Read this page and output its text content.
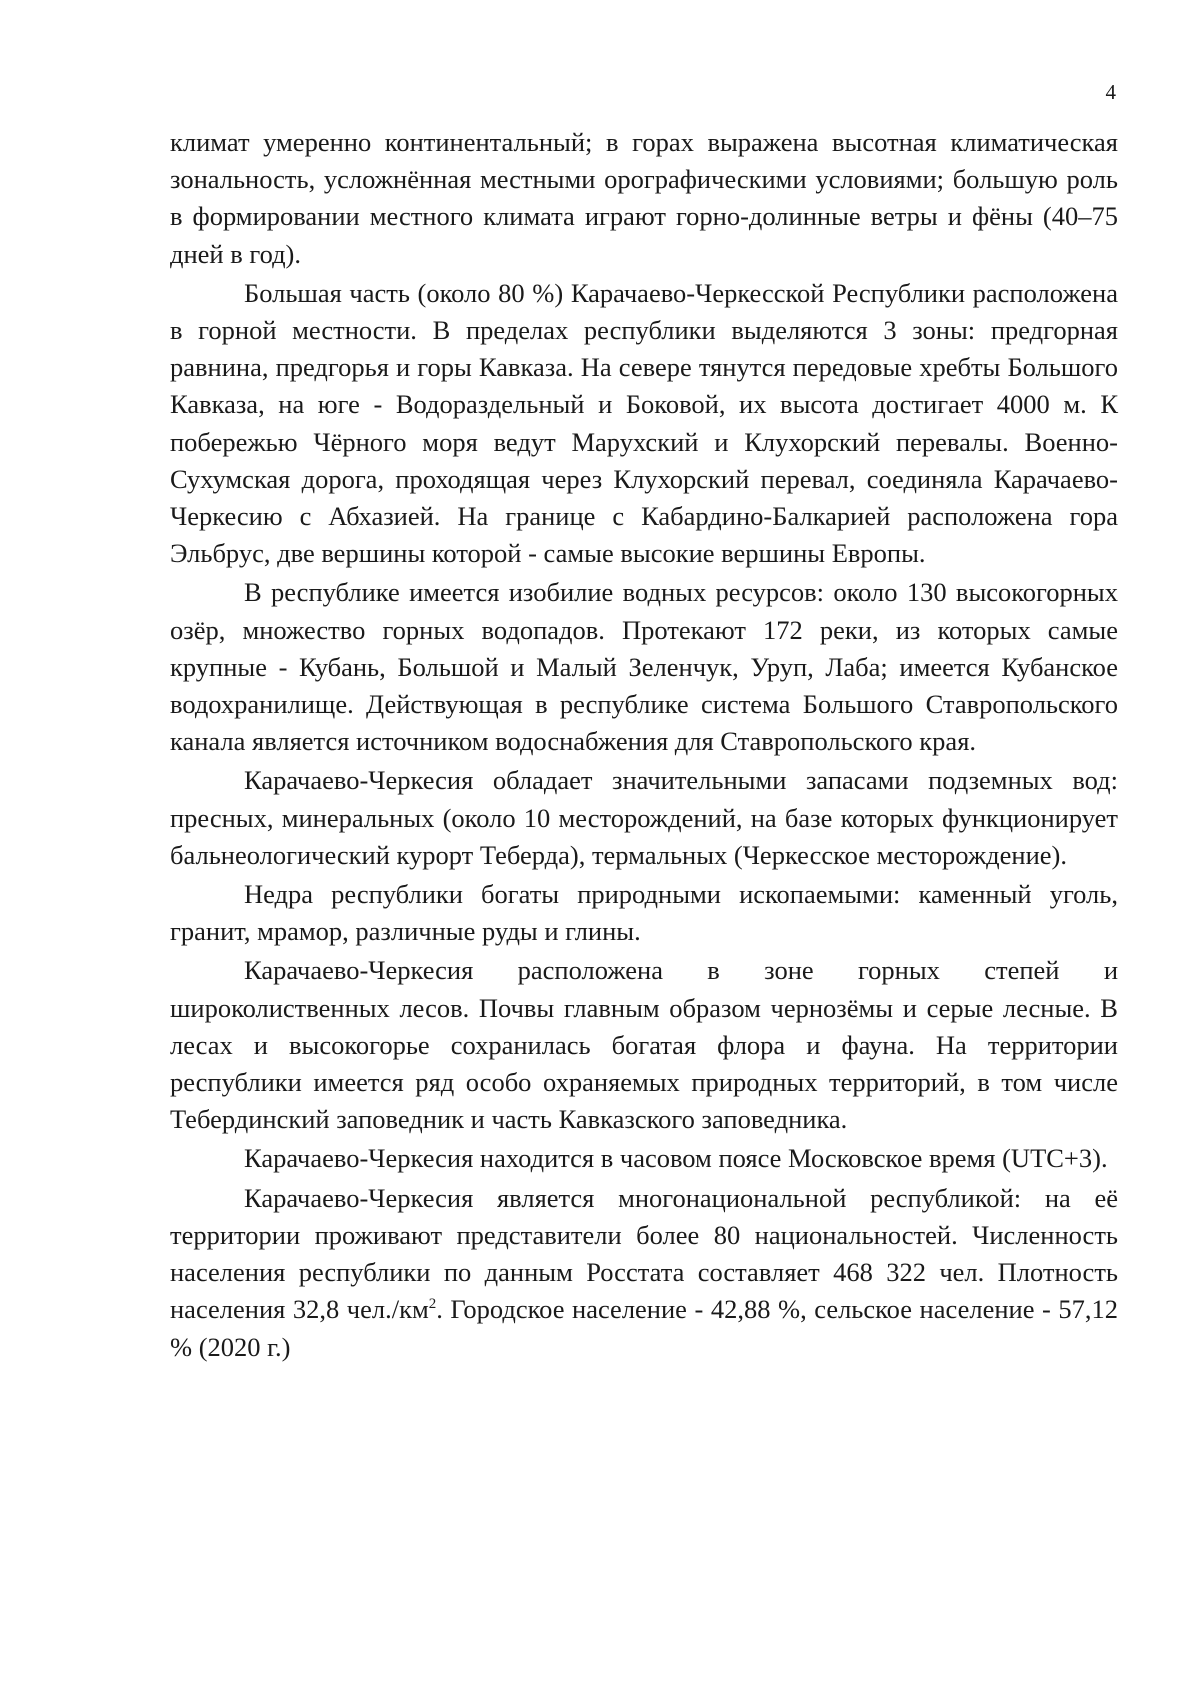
4

климат умеренно континентальный; в горах выражена высотная климатическая зональность, усложнённая местными орографическими условиями; большую роль в формировании местного климата играют горно-долинные ветры и фёны (40–75 дней в год).

Большая часть (около 80 %) Карачаево-Черкесской Республики расположена в горной местности. В пределах республики выделяются 3 зоны: предгорная равнина, предгорья и горы Кавказа. На севере тянутся передовые хребты Большого Кавказа, на юге - Водораздельный и Боковой, их высота достигает 4000 м. К побережью Чёрного моря ведут Марухский и Клухорский перевалы. Военно-Сухумская дорога, проходящая через Клухорский перевал, соединяла Карачаево-Черкесию с Абхазией. На границе с Кабардино-Балкарией расположена гора Эльбрус, две вершины которой - самые высокие вершины Европы.

В республике имеется изобилие водных ресурсов: около 130 высокогорных озёр, множество горных водопадов. Протекают 172 реки, из которых самые крупные - Кубань, Большой и Малый Зеленчук, Уруп, Лаба; имеется Кубанское водохранилище. Действующая в республике система Большого Ставропольского канала является источником водоснабжения для Ставропольского края.

Карачаево-Черкесия обладает значительными запасами подземных вод: пресных, минеральных (около 10 месторождений, на базе которых функционирует бальнеологический курорт Теберда), термальных (Черкесское месторождение).

Недра республики богаты природными ископаемыми: каменный уголь, гранит, мрамор, различные руды и глины.

Карачаево-Черкесия расположена в зоне горных степей и широколиственных лесов. Почвы главным образом чернозёмы и серые лесные. В лесах и высокогорье сохранилась богатая флора и фауна. На территории республики имеется ряд особо охраняемых природных территорий, в том числе Тебердинский заповедник и часть Кавказского заповедника.

Карачаево-Черкесия находится в часовом поясе Московское время (UTC+3).

Карачаево-Черкесия является многонациональной республикой: на её территории проживают представители более 80 национальностей. Численность населения республики по данным Росстата составляет 468 322 чел. Плотность населения 32,8 $чел./км^2$. Городское население - 42,88 %, сельское население - 57,12 % (2020 г.)
